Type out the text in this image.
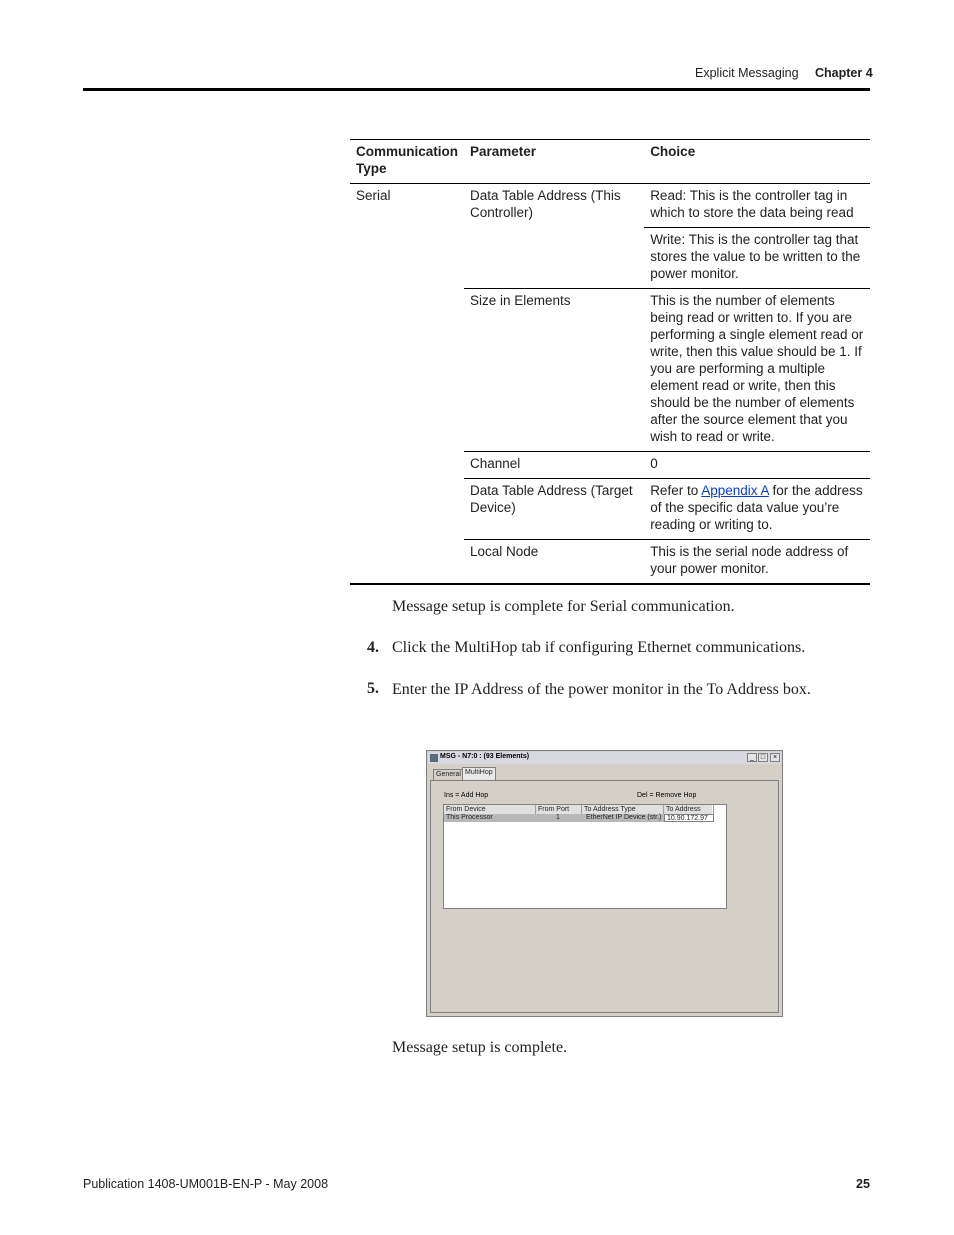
Explicit Messaging Chapter 4
Communication Type	Parameter	Choice
Serial	Data Table Address (This Controller)	Read: This is the controller tag in which to store the data being read
		Write: This is the controller tag that stores the value to be written to the power monitor.
	Size in Elements	This is the number of elements being read or written to. If you are performing a single element read or write, then this value should be 1. If you are performing a multiple element read or write, then this should be the number of elements after the source element that you wish to read or write.
	Channel	0
	Data Table Address (Target Device)	Refer to Appendix A for the address of the specific data value you’re reading or writing to.
	Local Node	This is the serial node address of your power monitor.
Message setup is complete for Serial communication.
4. Click the MultiHop tab if configuring Ethernet communications.
5. Enter the IP Address of the power monitor in the To Address box.
MSG - N7:0 : (93 Elements)	_ □	×
General MultiHop
Ins = Add Hop	Del = Remove Hop
From Device	From Port	To Address Type	To Address
This Processor	1	EtherNet IP Device (str.) 10.90.172.97
Message setup is complete.
Publication 1408-UM001B-EN-P - May 2008	25
